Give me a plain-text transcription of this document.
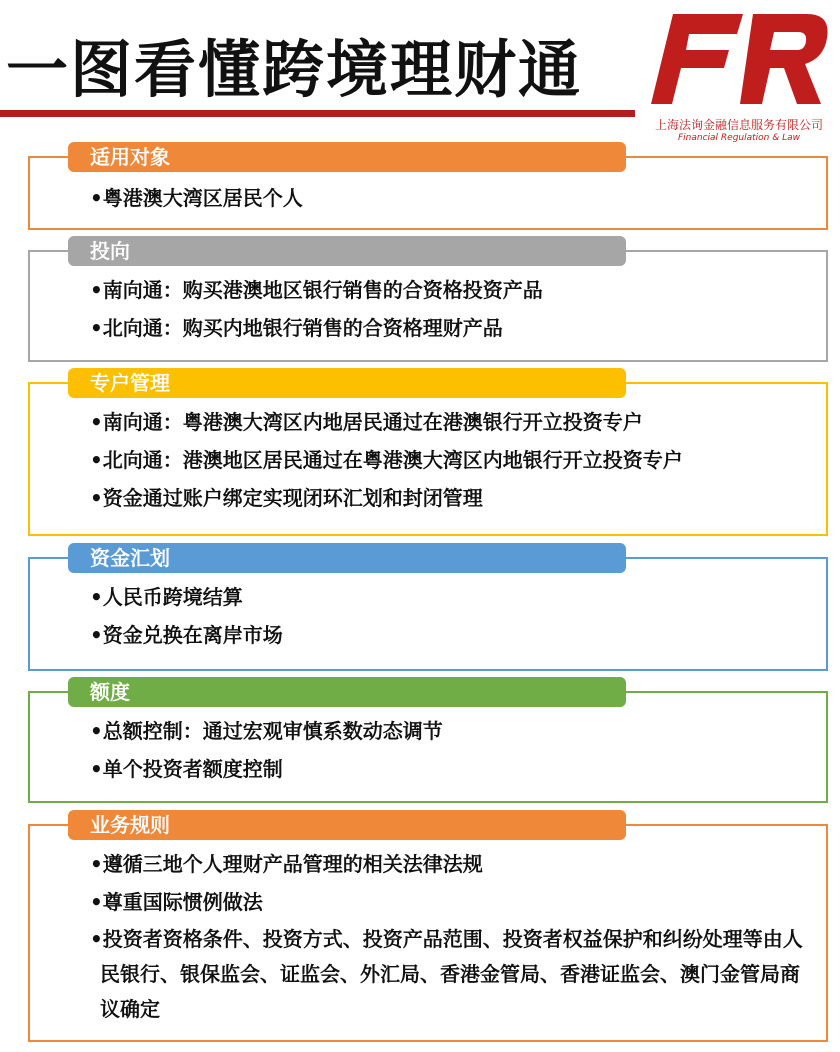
一图看懂跨境理财通
上海法询金融信息服务有限公司
Financial Regulation & Law
适用对象
•粤港澳大湾区居民个人
投向
•南向通：购买港澳地区银行销售的合资格投资产品
•北向通：购买内地银行销售的合资格理财产品
专户管理
•南向通：粤港澳大湾区内地居民通过在港澳银行开立投资专户
•北向通：港澳地区居民通过在粤港澳大湾区内地银行开立投资专户
•资金通过账户绑定实现闭环汇划和封闭管理
资金汇划
•人民币跨境结算
•资金兑换在离岸市场
额度
•总额控制：通过宏观审慎系数动态调节
•单个投资者额度控制
业务规则
•遵循三地个人理财产品管理的相关法律法规
•尊重国际惯例做法
•投资者资格条件、投资方式、投资产品范围、投资者权益保护和纠纷处理等由人民银行、银保监会、证监会、外汇局、香港金管局、香港证监会、澳门金管局商议确定
